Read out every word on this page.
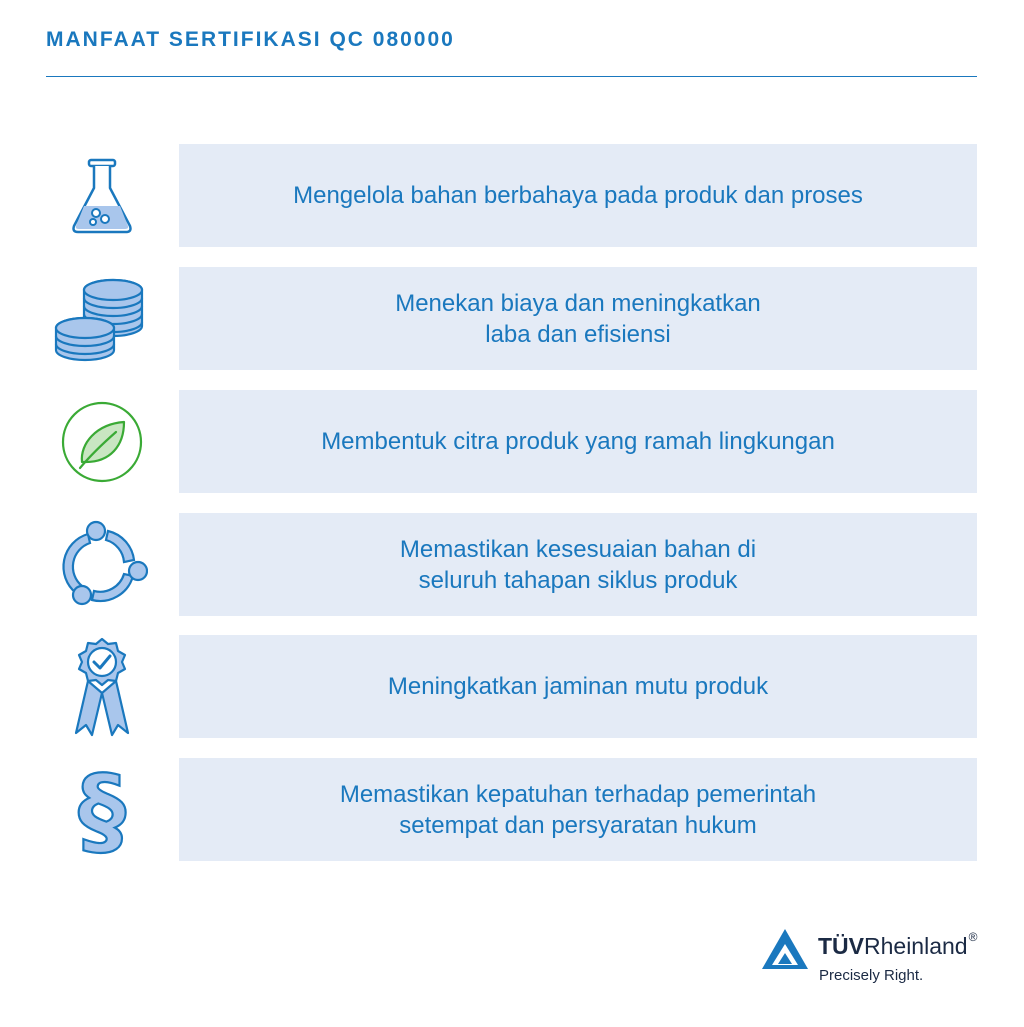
MANFAAT SERTIFIKASI QC 080000

Mengelola bahan berbahaya pada produk dan proses

Menekan biaya dan meningkatkan
laba dan efisiensi

Membentuk citra produk yang ramah lingkungan

Memastikan kesesuaian bahan di
seluruh tahapan siklus produk

Meningkatkan jaminan mutu produk

§	Memastikan kepatuhan terhadap pemerintah
setempat dan persyaratan hukum

TÜVRheinland®
Precisely Right.
